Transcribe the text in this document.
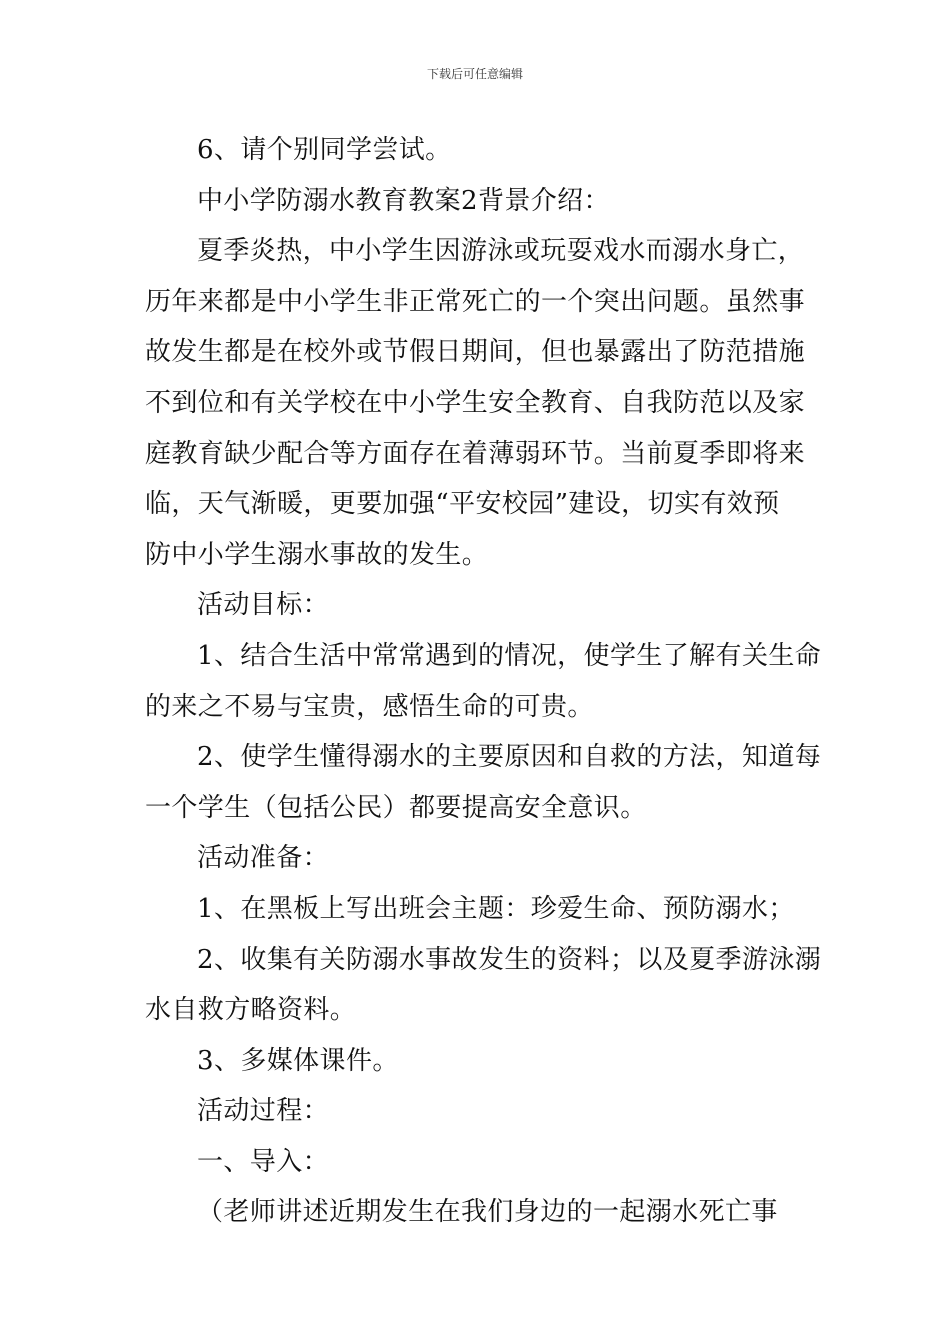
下载后可任意编辑

6、请个别同学尝试。

中小学防溺水教育教案2背景介绍：

夏季炎热，中小学生因游泳或玩耍戏水而溺水身亡，

历年来都是中小学生非正常死亡的一个突出问题。虽然事

故发生都是在校外或节假日期间，但也暴露出了防范措施

不到位和有关学校在中小学生安全教育、自我防范以及家

庭教育缺少配合等方面存在着薄弱环节。当前夏季即将来

临，天气渐暖，更要加强“平安校园”建设，切实有效预

防中小学生溺水事故的发生。

活动目标：

1、结合生活中常常遇到的情况，使学生了解有关生命

的来之不易与宝贵，感悟生命的可贵。

2、使学生懂得溺水的主要原因和自救的方法，知道每

一个学生（包括公民）都要提高安全意识。

活动准备：

1、在黑板上写出班会主题：珍爱生命、预防溺水；

2、收集有关防溺水事故发生的资料；以及夏季游泳溺

水自救方略资料。

3、多媒体课件。

活动过程：

一、导入：

（老师讲述近期发生在我们身边的一起溺水死亡事
